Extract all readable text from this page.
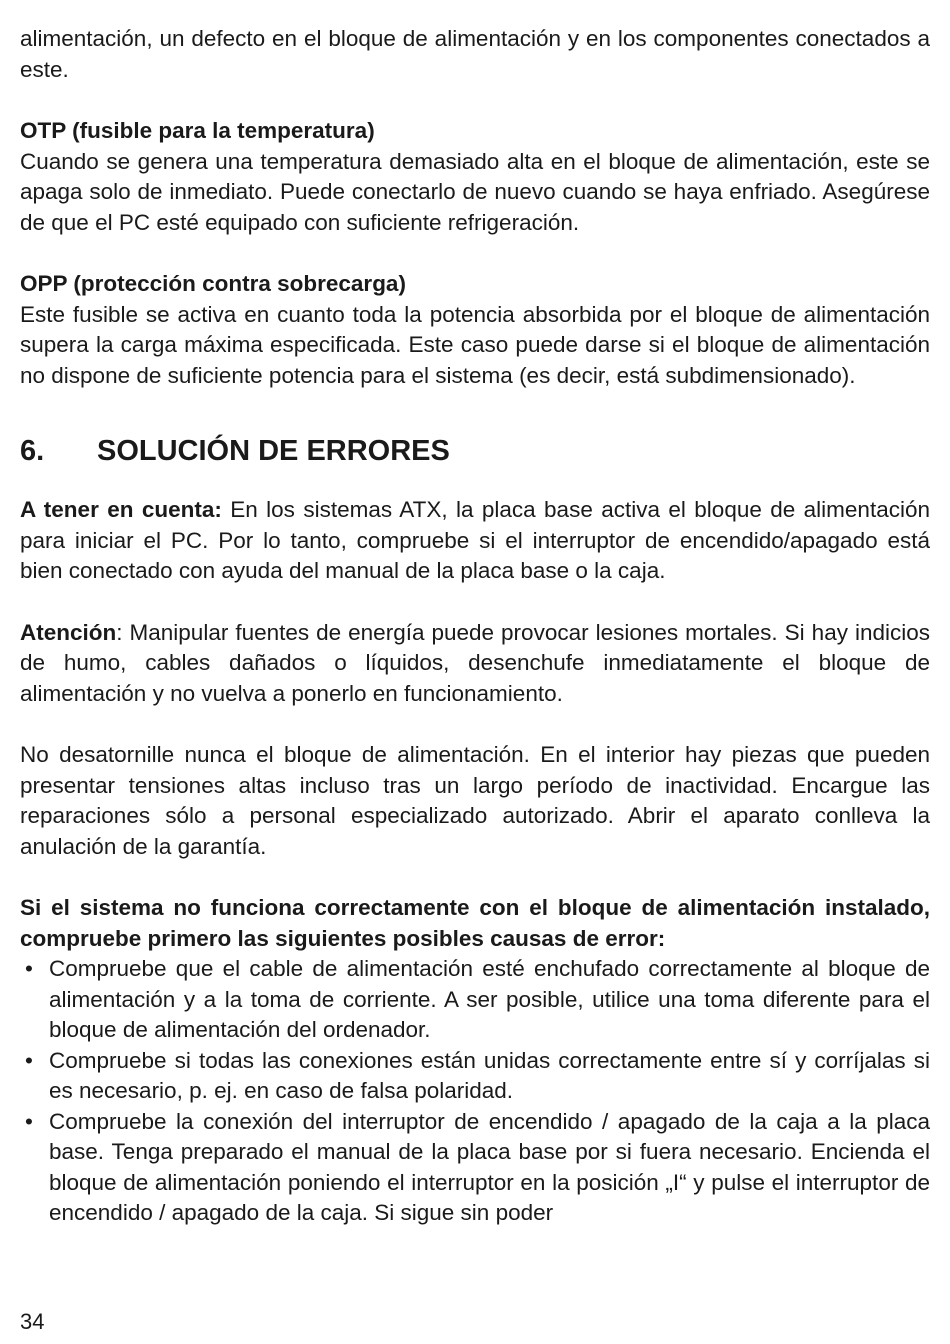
alimentación, un defecto en el bloque de alimentación y en los componentes conectados a este.

OTP (fusible para la temperatura)

Cuando se genera una temperatura demasiado alta en el bloque de alimentación, este se apaga solo de inmediato. Puede conectarlo de nuevo cuando se haya enfriado. Asegúrese de que el PC esté equipado con suficiente refrigeración.

OPP (protección contra sobrecarga)

Este fusible se activa en cuanto toda la potencia absorbida por el bloque de alimentación supera la carga máxima especificada. Este caso puede darse si el bloque de alimentación no dispone de suficiente potencia para el sistema (es decir, está subdimensionado).

6.	SOLUCIÓN DE ERRORES

A tener en cuenta: En los sistemas ATX, la placa base activa el bloque de alimentación para iniciar el PC. Por lo tanto, compruebe si el interruptor de encendido/apagado está bien conectado con ayuda del manual de la placa base o la caja.

Atención: Manipular fuentes de energía puede provocar lesiones mortales. Si hay indicios de humo, cables dañados o líquidos, desenchufe inmediatamente el bloque de alimentación y no vuelva a ponerlo en funcionamiento.

No desatornille nunca el bloque de alimentación. En el interior hay piezas que pueden presentar tensiones altas incluso tras un largo período de inactividad. Encargue las reparaciones sólo a personal especializado autorizado. Abrir el aparato conlleva la anulación de la garantía.

Si el sistema no funciona correctamente con el bloque de alimentación instalado, compruebe primero las siguientes posibles causas de error:

• Compruebe que el cable de alimentación esté enchufado correctamente al bloque de alimentación y a la toma de corriente. A ser posible, utilice una toma diferente para el bloque de alimentación del ordenador.
• Compruebe si todas las conexiones están unidas correctamente entre sí y corríjalas si es necesario, p. ej. en caso de falsa polaridad.
• Compruebe la conexión del interruptor de encendido / apagado de la caja a la placa base. Tenga preparado el manual de la placa base por si fuera necesario. Encienda el bloque de alimentación poniendo el interruptor en la posición „I“ y pulse el interruptor de encendido / apagado de la caja. Si sigue sin poder
34
